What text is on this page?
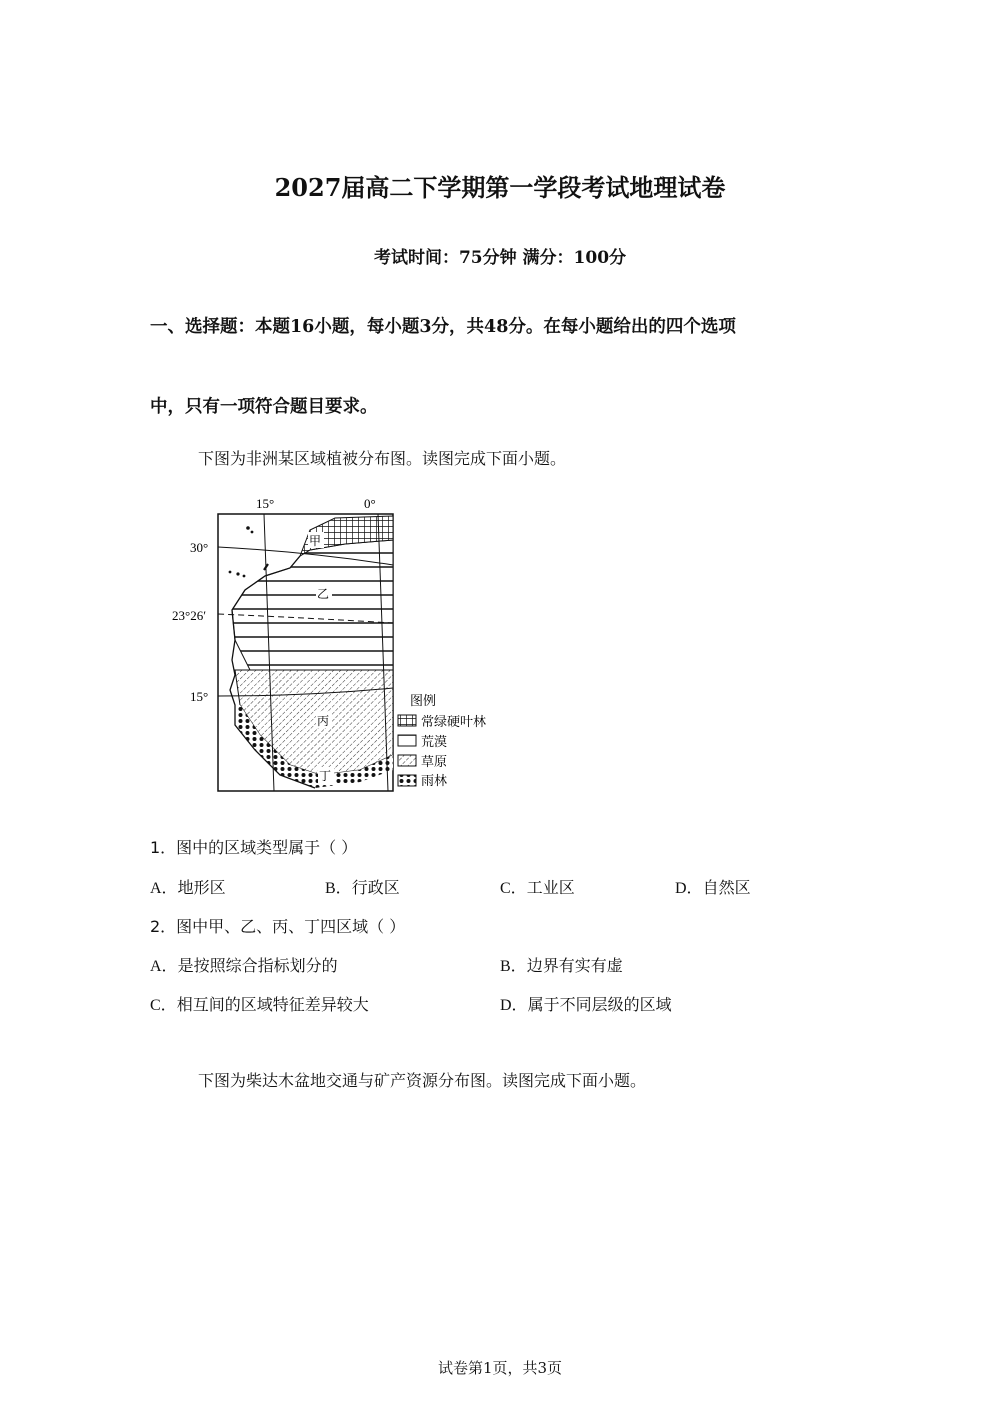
2027届高二下学期第一学段考试地理试卷
考试时间：75分钟 满分：100分
一、选择题：本题16小题，每小题3分，共48分。在每小题给出的四个选项
中，只有一项符合题目要求。
下图为非洲某区域植被分布图。读图完成下面小题。
15°	0°
30°
23°26′
15°
甲
乙
丙
丁
图例
常绿硬叶林
荒漠
草原
雨林
1．图中的区域类型属于（ ）
A．地形区	B．行政区	C．工业区	D．自然区
2．图中甲、乙、丙、丁四区域（ ）
A．是按照综合指标划分的	B．边界有实有虚
C．相互间的区域特征差异较大	D．属于不同层级的区域
下图为柴达木盆地交通与矿产资源分布图。读图完成下面小题。
试卷第1页，共3页
